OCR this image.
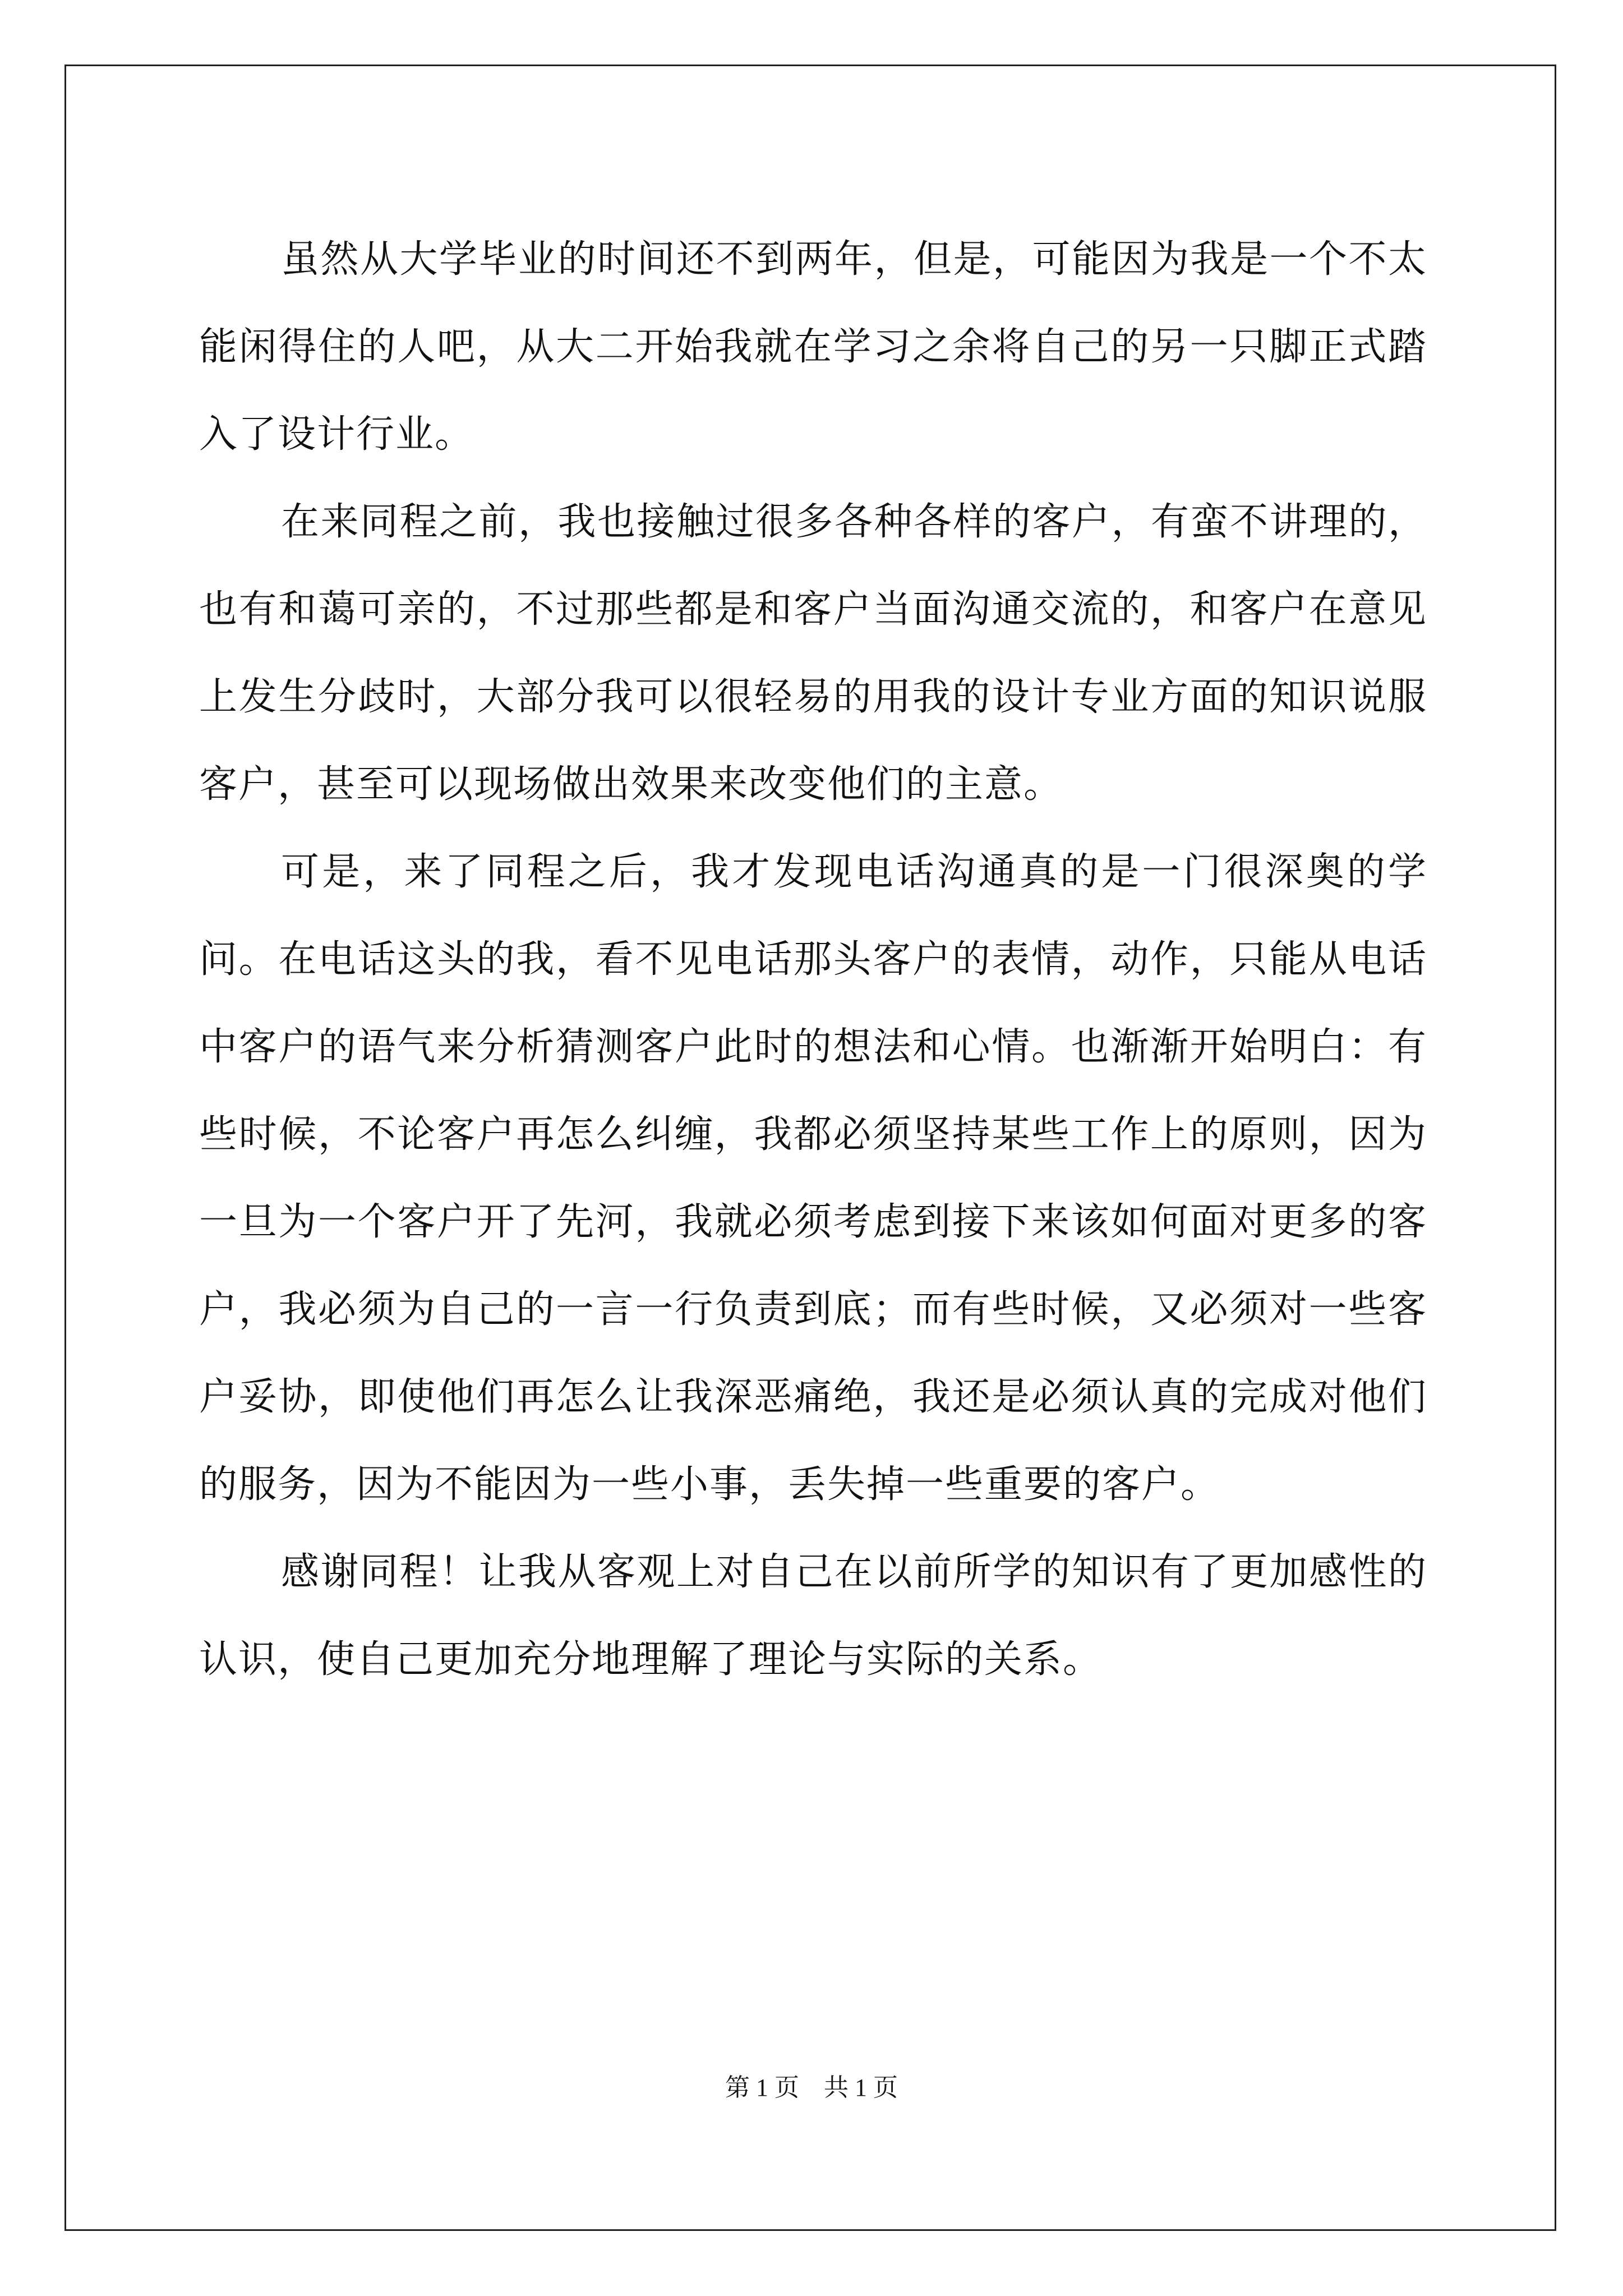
虽然从大学毕业的时间还不到两年，但是，可能因为我是一个不太能闲得住的人吧，从大二开始我就在学习之余将自己的另一只脚正式踏入了设计行业。

在来同程之前，我也接触过很多各种各样的客户，有蛮不讲理的，也有和蔼可亲的，不过那些都是和客户当面沟通交流的，和客户在意见上发生分歧时，大部分我可以很轻易的用我的设计专业方面的知识说服客户，甚至可以现场做出效果来改变他们的主意。

可是，来了同程之后，我才发现电话沟通真的是一门很深奥的学问。在电话这头的我，看不见电话那头客户的表情，动作，只能从电话中客户的语气来分析猜测客户此时的想法和心情。也渐渐开始明白：有些时候，不论客户再怎么纠缠，我都必须坚持某些工作上的原则，因为一旦为一个客户开了先河，我就必须考虑到接下来该如何面对更多的客户，我必须为自己的一言一行负责到底；而有些时候，又必须对一些客户妥协，即使他们再怎么让我深恶痛绝，我还是必须认真的完成对他们的服务，因为不能因为一些小事，丢失掉一些重要的客户。

感谢同程！让我从客观上对自己在以前所学的知识有了更加感性的认识，使自己更加充分地理解了理论与实际的关系。

第 1 页    共 1 页
